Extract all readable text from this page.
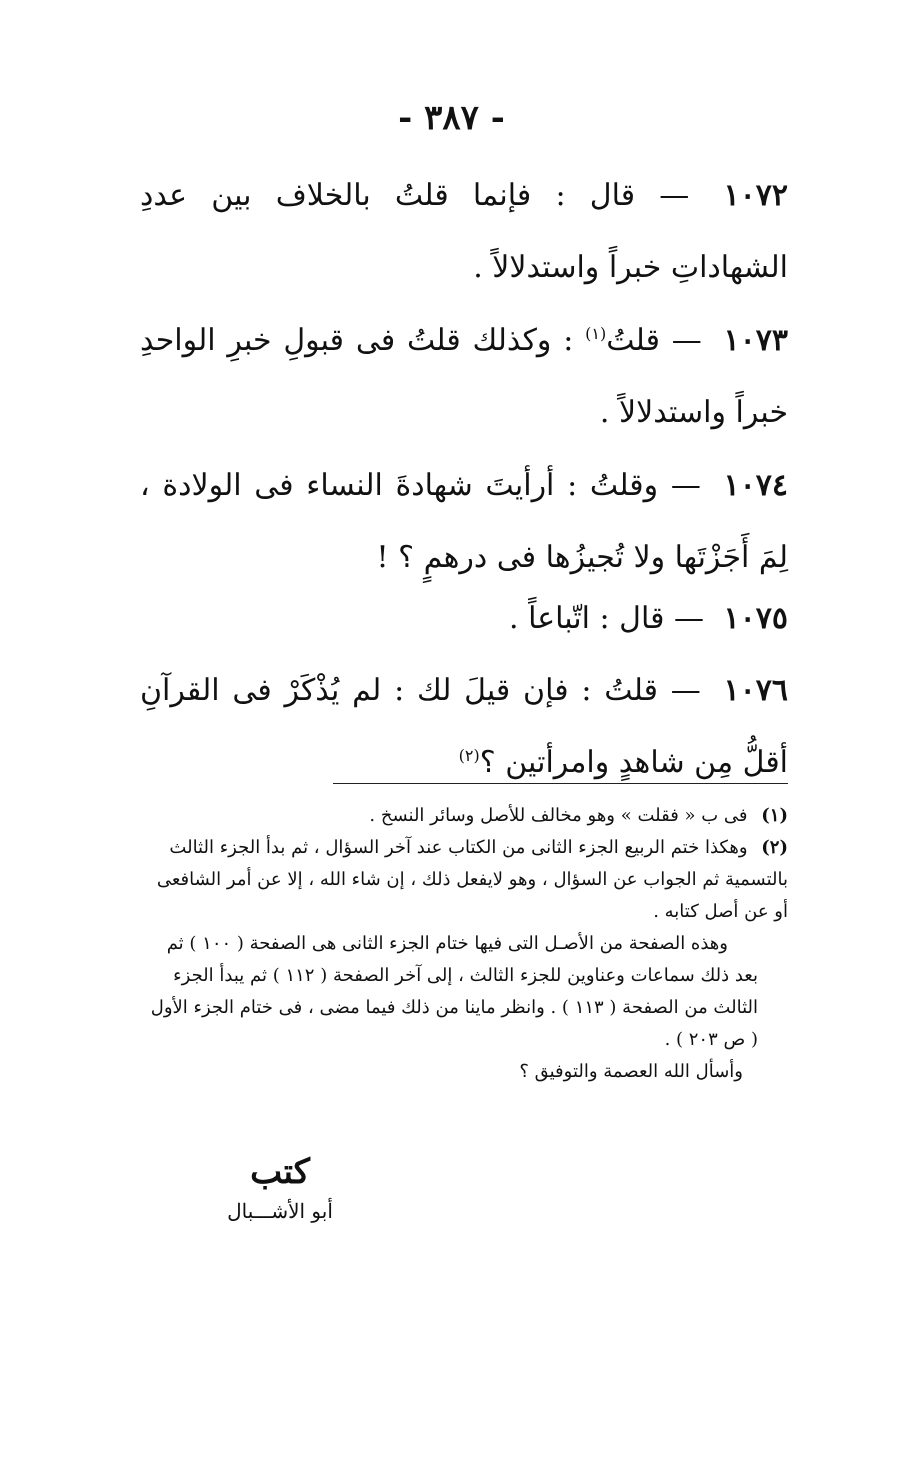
- ٣٨٧ -

١٠٧٢ — قال : فإنما قلتُ بالخلاف بين عددِ الشهاداتِ خبراً واستدلالاً .

١٠٧٣ — قلتُ$^{(١)}$ : وكذلك قلتُ فى قبولِ خبرِ الواحدِ خبراً واستدلالاً .

١٠٧٤ — وقلتُ : أرأيتَ شهادةَ النساء فى الولادة ، لِمَ أَجَزْتَها ولا تُجيزُها فى درهمٍ ؟ !

١٠٧٥ — قال : اتّباعاً .

١٠٧٦ — قلتُ : فإن قيلَ لك : لم يُذْكَرْ فى القرآنِ أقلُّ مِن شاهدٍ وامرأتين ؟$^{(٢)}$

(١) فى ب « فقلت » وهو مخالف للأصل وسائر النسخ .

(٢) وهكذا ختم الربيع الجزء الثانى من الكتاب عند آخر السؤال ، ثم بدأ الجزء الثالث بالتسمية ثم الجواب عن السؤال ، وهو لايفعل ذلك ، إن شاء الله ، إلا عن أمر الشافعى أو عن أصل كتابه .

وهذه الصفحة من الأصـل التى فيها ختام الجزء الثانى هى الصفحة ( ١٠٠ ) ثم بعد ذلك سماعات وعناوين للجزء الثالث ، إلى آخر الصفحة ( ١١٢ ) ثم يبدأ الجزء الثالث من الصفحة ( ١١٣ ) . وانظر ماينا من ذلك فيما مضى ، فى ختام الجزء الأول ( ص ٢٠٣ ) .

وأسأل الله العصمة والتوفيق ؟

كتب
أبو الأشـــبال
